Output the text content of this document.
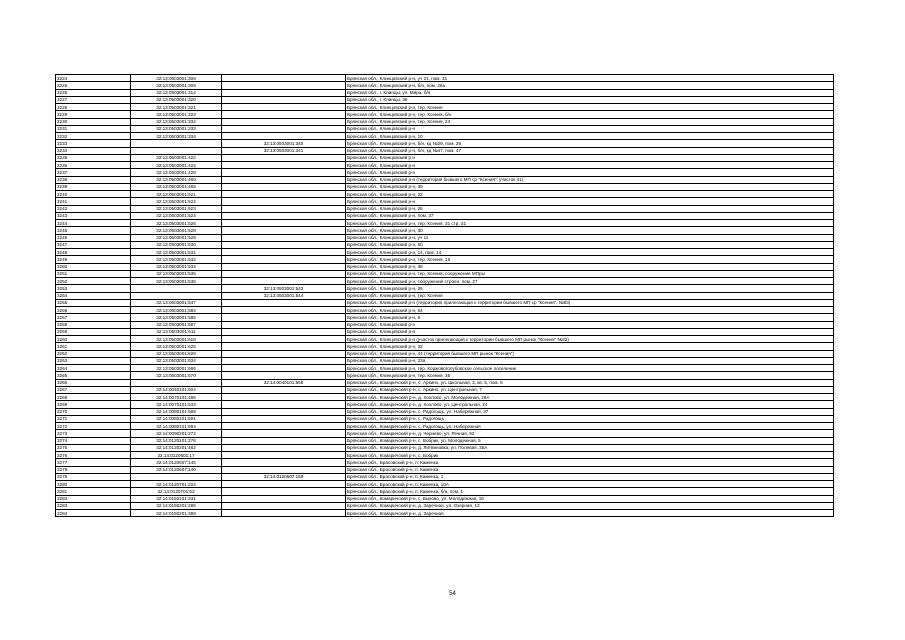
3224	32:13:0503001:308		Брянская обл., Клинцовский р-н, уч 21, пом. 31
3225	32:13:0503001:309		Брянская обл., Клинцовский р-н, б/н, пом. 26а
3226	32:13:0503001:314		Брянская обл., г. Клинцы, ул. Мира, б/н
3227	32:13:0503001:320		Брянская обл., г. Клинцы, 36
3228	32:13:0503001:321		Брянская обл., Клинцовский р-н, тер. Ксения
3229	32:13:0503001:323		Брянская обл., Клинцовский р-н, тер. Ксения, б/н
3230	32:13:0503001:332		Брянская обл., Клинцовский р-н, тер. Ксения, 24
3231	32:13:0503001:333		Брянская обл., Клинцовский р-н
3232	32:13:0503001:334		Брянская обл., Клинцовский р-н, 10
3233		32:13:0503001:340	Брянская обл., Клинцовский р-н, б/н, кд №29, пом. 29
3234		32:13:0503001:341	Брянская обл., Клинцовский р-н, б/н, кд №47, пом. 47
3235	32:13:0503001:422		Брянская обл., Клинцовский р-н
3236	32:13:0503001:424		Брянская обл., Клинцовский р-н
3237	32:13:0503001:428		Брянская обл., Клинцовский р-н
3238	32:13:0503001:460		Брянская обл., Клинцовский р-н (территория бывшего МП ср "Ксения", участок 41)
3239	32:13:0503001:465		Брянская обл., Клинцовский р-н, 39
3240	32:13:0503001:521		Брянская обл., Клинцовский р-н, 22
3241	32:13:0503001:522		Брянская обл., Клинцовский р-н
3242	32:13:0503001:523		Брянская обл., Клинцовский р-н, 26
3243	32:13:0503001:524		Брянская обл., Клинцовский р-н, пом. 37
3244	32:13:0503001:526		Брянская обл., Клинцовский р-н, тер. Ксения, 31 стр. 21
3245	32:13:0503001:528		Брянская обл., Клинцовский р-н, 30
3246	32:13:0503001:529		Брянская обл., Клинцовский р-н, уч 11
3247	32:13:0503001:530		Брянская обл., Клинцовский р-н, 6б
3248	32:13:0503001:531		Брянская обл., Клинцовский р-н, 14, пом. 14
3249	32:13:0503001:532		Брянская обл., Клинцовский р-н, тер. Ксения, 19
3250	32:13:0503001:534		Брянская обл., Клинцовский р-н, 38
3251	32:13:0503001:535		Брянская обл., Клинцовский р-н, тер. Ксения, сооружение МПры
3252	32:13:0503001:536		Брянская обл., Клинцовский р-н, сооружение строен. пом. 27
3253		32:13:0503001:543	Брянская обл., Клинцовский р-н, 26
3254		32:13:0503001:544	Брянская обл., Клинцовский р-н, тер. Ксения
3255	32:13:0503001:547		Брянская обл., Клинцовский р-н (территория прилегающая к территории бывшего МП ср "Ксения", №83)
3256	32:13:0503001:584		Брянская обл., Клинцовский р-н, 64
3257	32:13:0503001:585		Брянская обл., Клинцовский р-н, 5
3258	32:13:0503001:587		Брянская обл., Клинцовский р-н
3259	32:13:0503001:611		Брянская обл., Клинцовский р-н
3260	32:13:0503001:618		Брянская обл., Клинцовский р-н (участок прилегающий к территории бывшего МП рынок "Ксения" №22)
3261	32:13:0503001:625		Брянская обл., Клинцовский р-н, 32
3262	32:13:0503001:628		Брянская обл., Клинцовский р-н, 44 (территория бывшего МП рынок "Ксения")
3263	32:13:0503001:634		Брянская обл., Клинцовский р-н, 23а
3264	32:13:0503001:666		Брянская обл., Клинцовский р-н, тер. Коржовоголубовское сельское поселение
3265	32:13:0503001:670		Брянская обл., Клинцовский р-н, тер. Ксения, 35
3266		32:14:0040101:566	Брянская обл., Комаричский р-н, с. Аркино, ул. Школьная, 3, кв. 5, пом. 5
3267	32:14:0040101:604		Брянская обл., Комаричский р-н, с. Аркино, ул. Центральная, 7
3268	32:14:0070101:498		Брянская обл., Комаричский р-н, д. Хохлово, ул. Молодежная, 26А
3269	32:14:0070101:533		Брянская обл., Комаричский р-н, д. Хохлово, ул. Центральная, 24
3270	32:14:0080101:569		Брянская обл., Комаричский р-н, с. Радогощь, ул. Набережная, 37
3271	32:14:0080101:591		Брянская обл., Комаричский р-н, с. Радогощь
3272	32:14:0080101:594		Брянская обл., Комаричский р-н, с. Радогощь, ул. Набережная
3273	32:14:0090201:272		Брянская обл., Комаричский р-н, д. Чернево, ул. Речная, 52
3274	32:14:0120101:276		Брянская обл., Комаричский р-н, с. Бобрик, ул. Молодежная, 5
3275	32:14:0120201:462		Брянская обл., Комаричский р-н, д. Литвиновка, ул. Полевая, 35А
3276	32:14:0120601:17		Брянская обл., Комаричский р-н, с. Бобрик
3277	32:14:0120607:145		Брянская обл., Брасовский р-н, п. Каменка
3278	32:14:0120607:140		Брянская обл., Брасовский р-н, п. Каменка
3279		32:14:0120607:159	Брянская обл., Брасовский р-н, п. Каменка, 1
3280	32:14:0120701:224		Брянская обл., Брасовский р-н, п. Каменка, 10А
3281	32:14:0120701:53		Брянская обл., Брасовский р-н, п. Каменка, б/н, пом. 1
3282	32:14:0150101:331		Брянская обл., Комаричский р-н, с. Быково, ул. Молодежная, 16
3283	32:14:0150201:286		Брянская обл., Комаричский р-н, д. Заречная, ул. Озерная, 13
3284	32:14:0150201:389		Брянская обл., Комаричский р-н, д. Заречная
54
